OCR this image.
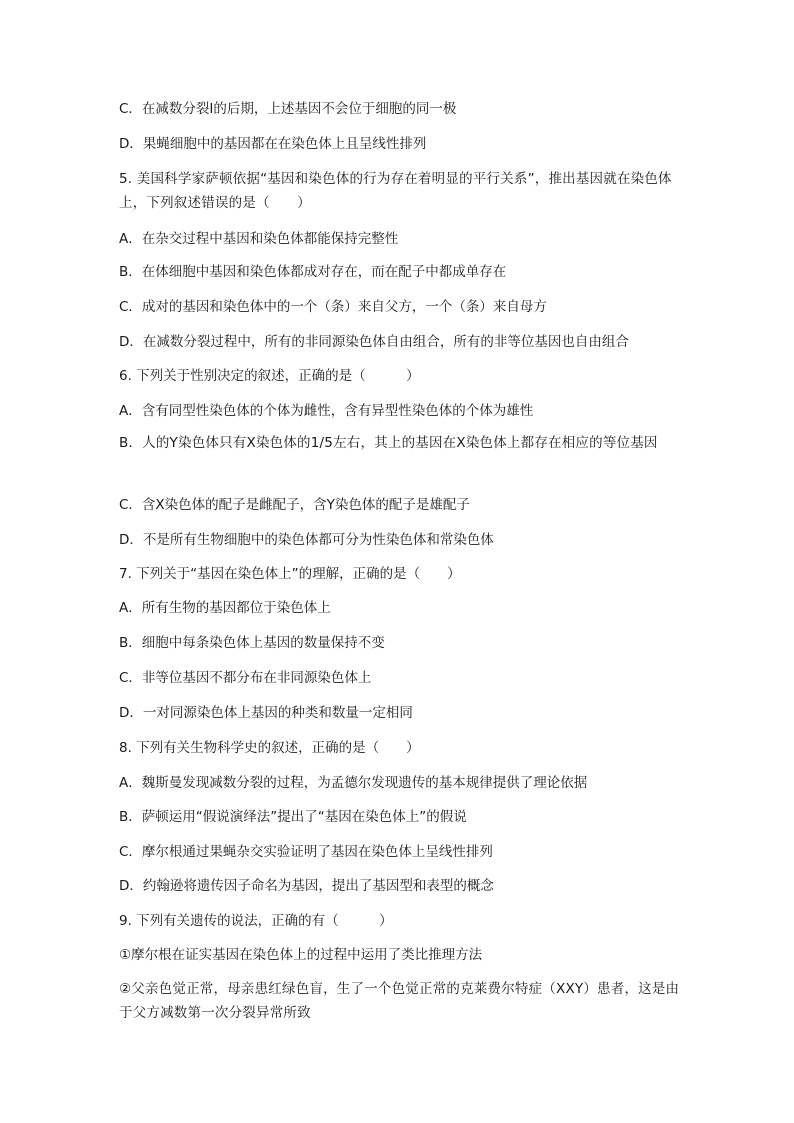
C．在减数分裂Ⅰ的后期，上述基因不会位于细胞的同一极
D．果蝇细胞中的基因都在在染色体上且呈线性排列
5. 美国科学家萨顿依据“基因和染色体的行为存在着明显的平行关系”，推出基因就在染色体上，下列叙述错误的是（　　）
A．在杂交过程中基因和染色体都能保持完整性
B．在体细胞中基因和染色体都成对存在，而在配子中都成单存在
C．成对的基因和染色体中的一个（条）来自父方，一个（条）来自母方
D．在减数分裂过程中，所有的非同源染色体自由组合，所有的非等位基因也自由组合
6. 下列关于性别决定的叙述，正确的是（　　　）
A．含有同型性染色体的个体为雌性，含有异型性染色体的个体为雄性
B．人的Y染色体只有X染色体的1/5左右，其上的基因在X染色体上都存在相应的等位基因
C．含X染色体的配子是雌配子，含Y染色体的配子是雄配子
D．不是所有生物细胞中的染色体都可分为性染色体和常染色体
7. 下列关于“基因在染色体上”的理解，正确的是（　　）
A．所有生物的基因都位于染色体上
B．细胞中每条染色体上基因的数量保持不变
C．非等位基因不都分布在非同源染色体上
D．一对同源染色体上基因的种类和数量一定相同
8. 下列有关生物科学史的叙述，正确的是（　　）
A．魏斯曼发现减数分裂的过程，为孟德尔发现遗传的基本规律提供了理论依据
B．萨顿运用“假说演绎法”提出了“基因在染色体上”的假说
C．摩尔根通过果蝇杂交实验证明了基因在染色体上呈线性排列
D．约翰逊将遗传因子命名为基因，提出了基因型和表型的概念
9. 下列有关遗传的说法，正确的有（　　　）
①摩尔根在证实基因在染色体上的过程中运用了类比推理方法
②父亲色觉正常，母亲患红绿色盲，生了一个色觉正常的克莱费尔特症（XXY）患者，这是由于父方减数第一次分裂异常所致
